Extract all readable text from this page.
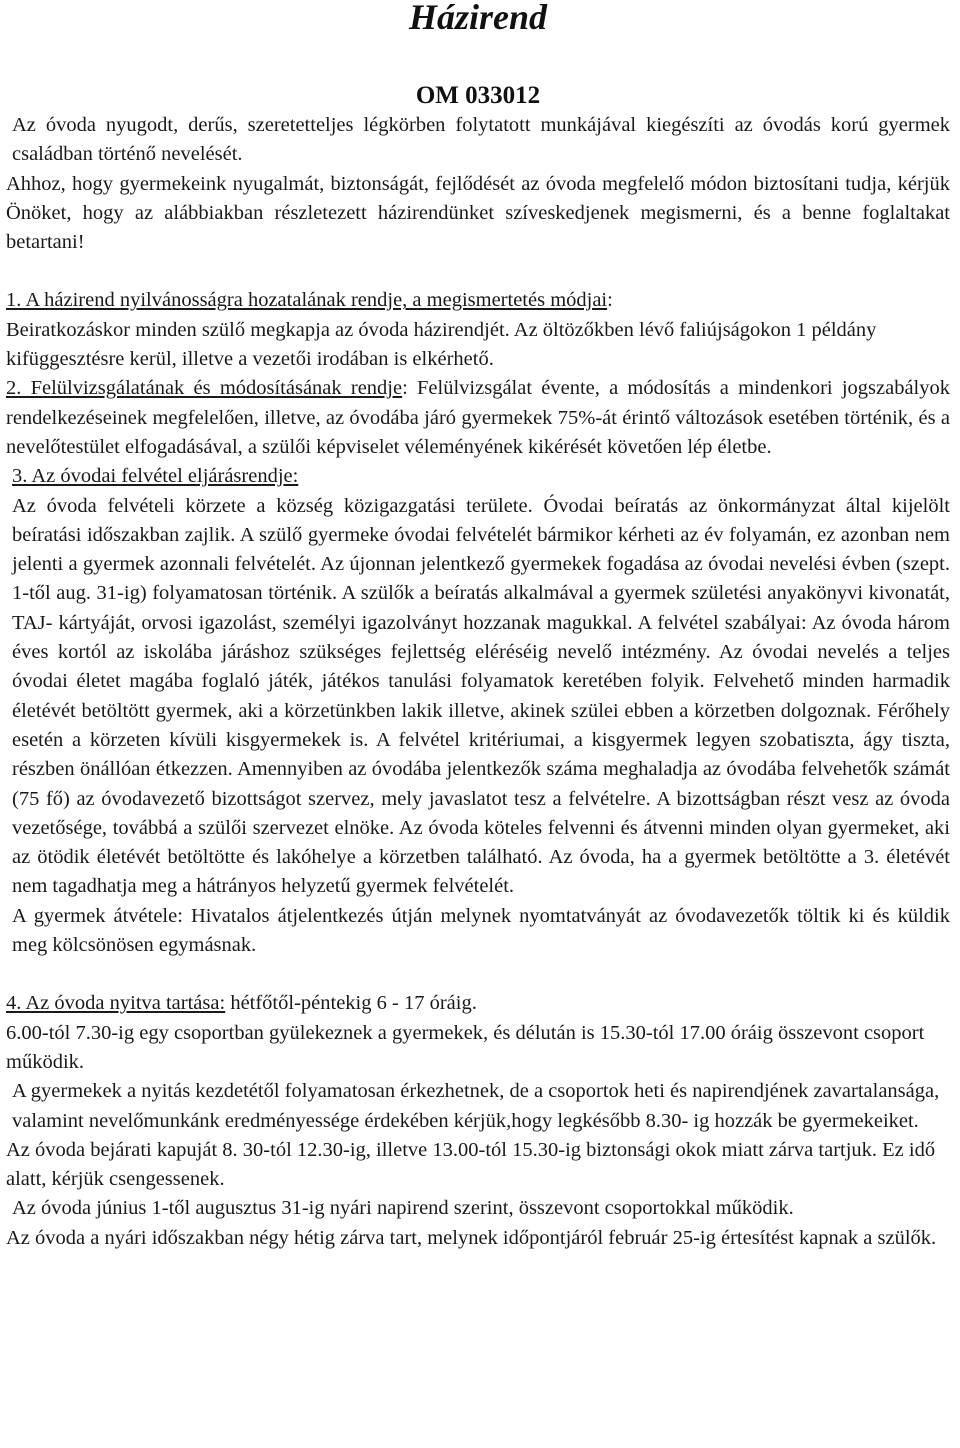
Házirend
OM 033012

Az óvoda nyugodt, derűs, szeretetteljes légkörben folytatott munkájával kiegészíti az óvodás korú gyermek családban történő nevelését.

Ahhoz, hogy gyermekeink nyugalmát, biztonságát, fejlődését az óvoda megfelelő módon biztosítani tudja, kérjük Önöket, hogy az alábbiakban részletezett házirendünket szíveskedjenek megismerni, és a benne foglaltakat betartani!

1. A házirend nyilvánosságra hozatalának rendje, a megismertetés módjai:

Beiratkozáskor minden szülő megkapja az óvoda házirendjét. Az öltözőkben lévő faliújságokon 1 példány kifüggesztésre kerül, illetve a vezetői irodában is elkérhető.

2. Felülvizsgálatának és módosításának rendje: Felülvizsgálat évente, a módosítás a mindenkori jogszabályok rendelkezéseinek megfelelően, illetve, az óvodába járó gyermekek 75%-át érintő változások esetében történik, és a nevelőtestület elfogadásával, a szülői képviselet véleményének kikérését követően lép életbe.

3. Az óvodai felvétel eljárásrendje:

Az óvoda felvételi körzete a község közigazgatási területe. Óvodai beíratás az önkormányzat által kijelölt beíratási időszakban zajlik. A szülő gyermeke óvodai felvételét bármikor kérheti az év folyamán, ez azonban nem jelenti a gyermek azonnali felvételét. Az újonnan jelentkező gyermekek fogadása az óvodai nevelési évben (szept. 1-től aug. 31-ig) folyamatosan történik. A szülők a beíratás alkalmával a gyermek születési anyakönyvi kivonatát, TAJ- kártyáját, orvosi igazolást, személyi igazolványt hozzanak magukkal. A felvétel szabályai: Az óvoda három éves kortól az iskolába járáshoz szükséges fejlettség eléréséig nevelő intézmény. Az óvodai nevelés a teljes óvodai életet magába foglaló játék, játékos tanulási folyamatok keretében folyik. Felvehető minden harmadik életévét betöltött gyermek, aki a körzetünkben lakik illetve, akinek szülei ebben a körzetben dolgoznak. Férőhely esetén a körzeten kívüli kisgyermekek is. A felvétel kritériumai, a kisgyermek legyen szobatiszta, ágy tiszta, részben önállóan étkezzen. Amennyiben az óvodába jelentkezők száma meghaladja az óvodába felvehetők számát (75 fő) az óvodavezető bizottságot szervez, mely javaslatot tesz a felvételre. A bizottságban részt vesz az óvoda vezetősége, továbbá a szülői szervezet elnöke. Az óvoda köteles felvenni és átvenni minden olyan gyermeket, aki az ötödik életévét betöltötte és lakóhelye a körzetben található. Az óvoda, ha a gyermek betöltötte a 3. életévét nem tagadhatja meg a hátrányos helyzetű gyermek felvételét.

A gyermek átvétele: Hivatalos átjelentkezés útján melynek nyomtatványát az óvodavezetők töltik ki és küldik meg kölcsönösen egymásnak.

4. Az óvoda nyitva tartása: hétfőtől-péntekig 6 - 17 óráig.

6.00-tól 7.30-ig egy csoportban gyülekeznek a gyermekek, és délután is 15.30-tól 17.00 óráig összevont csoport működik.

A gyermekek a nyitás kezdetétől folyamatosan érkezhetnek, de a csoportok heti és napirendjének zavartalansága, valamint nevelőmunkánk eredményessége érdekében kérjük,hogy legkésőbb 8.30- ig hozzák be gyermekeiket.

Az óvoda bejárati kapuját 8. 30-tól 12.30-ig, illetve 13.00-tól 15.30-ig biztonsági okok miatt zárva tartjuk. Ez idő alatt, kérjük csengessenek.

Az óvoda június 1-től augusztus 31-ig nyári napirend szerint, összevont csoportokkal működik.

Az óvoda a nyári időszakban négy hétig zárva tart, melynek időpontjáról február 25-ig értesítést kapnak a szülők.
